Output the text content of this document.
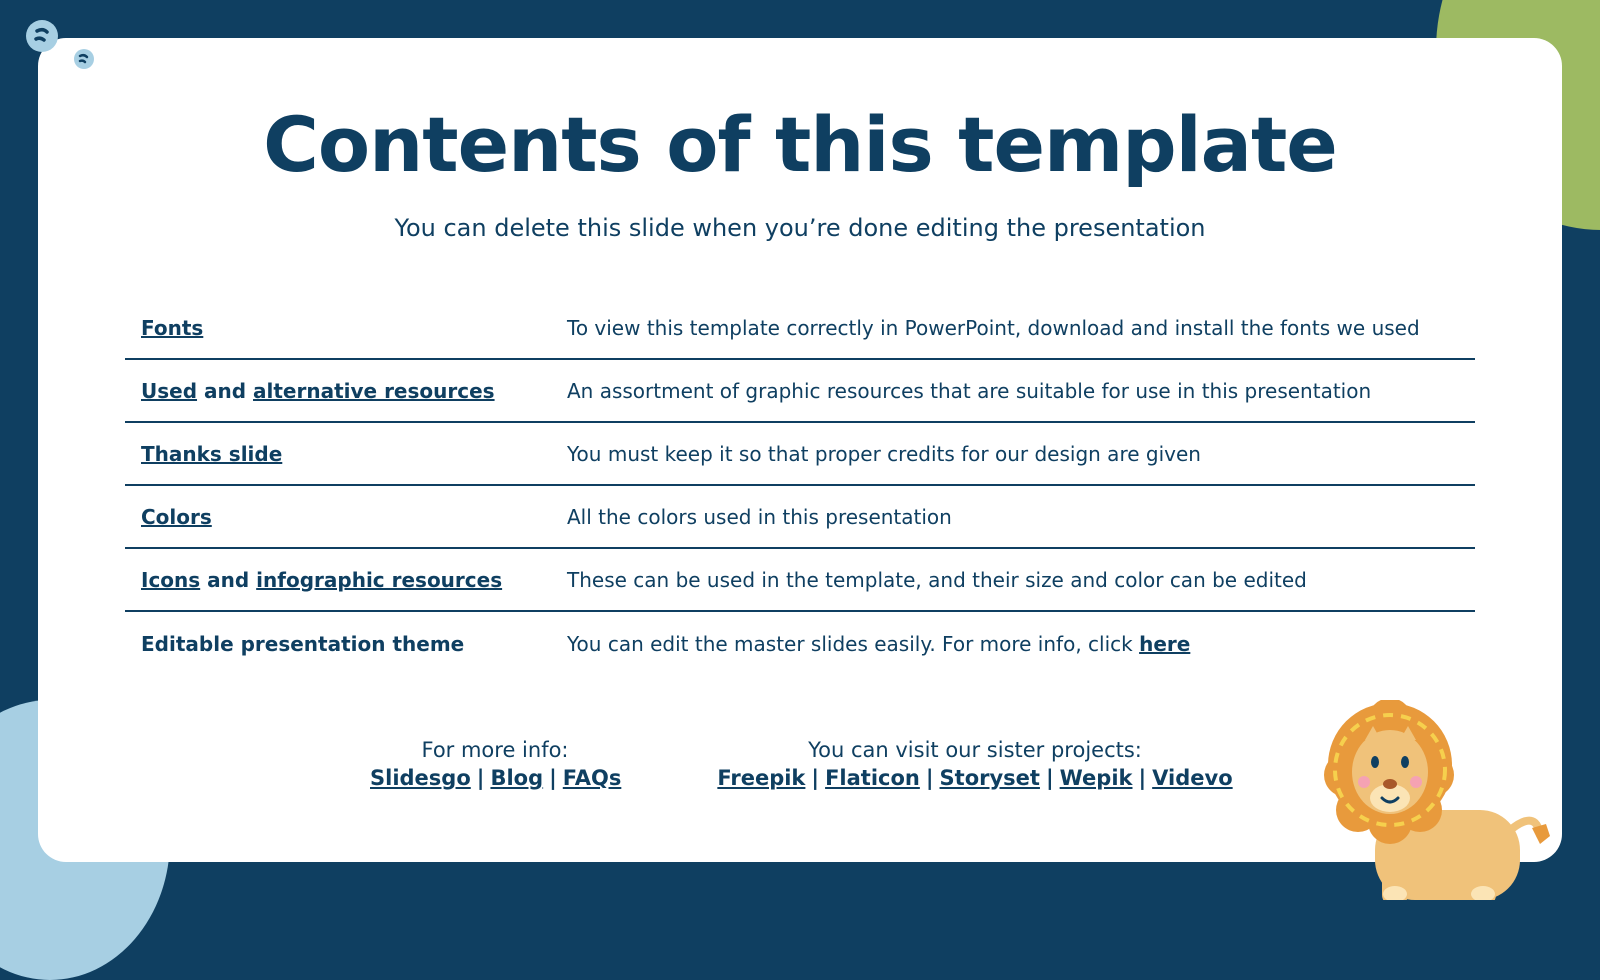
Contents of this template
You can delete this slide when you’re done editing the presentation
Fonts	To view this template correctly in PowerPoint, download and install the fonts we used
Used and alternative resources	An assortment of graphic resources that are suitable for use in this presentation
Thanks slide	You must keep it so that proper credits for our design are given
Colors	All the colors used in this presentation
Icons and infographic resources	These can be used in the template, and their size and color can be edited
Editable presentation theme	You can edit the master slides easily. For more info, click here
For more info:
Slidesgo | Blog | FAQs
You can visit our sister projects:
Freepik | Flaticon | Storyset | Wepik | Videvo
